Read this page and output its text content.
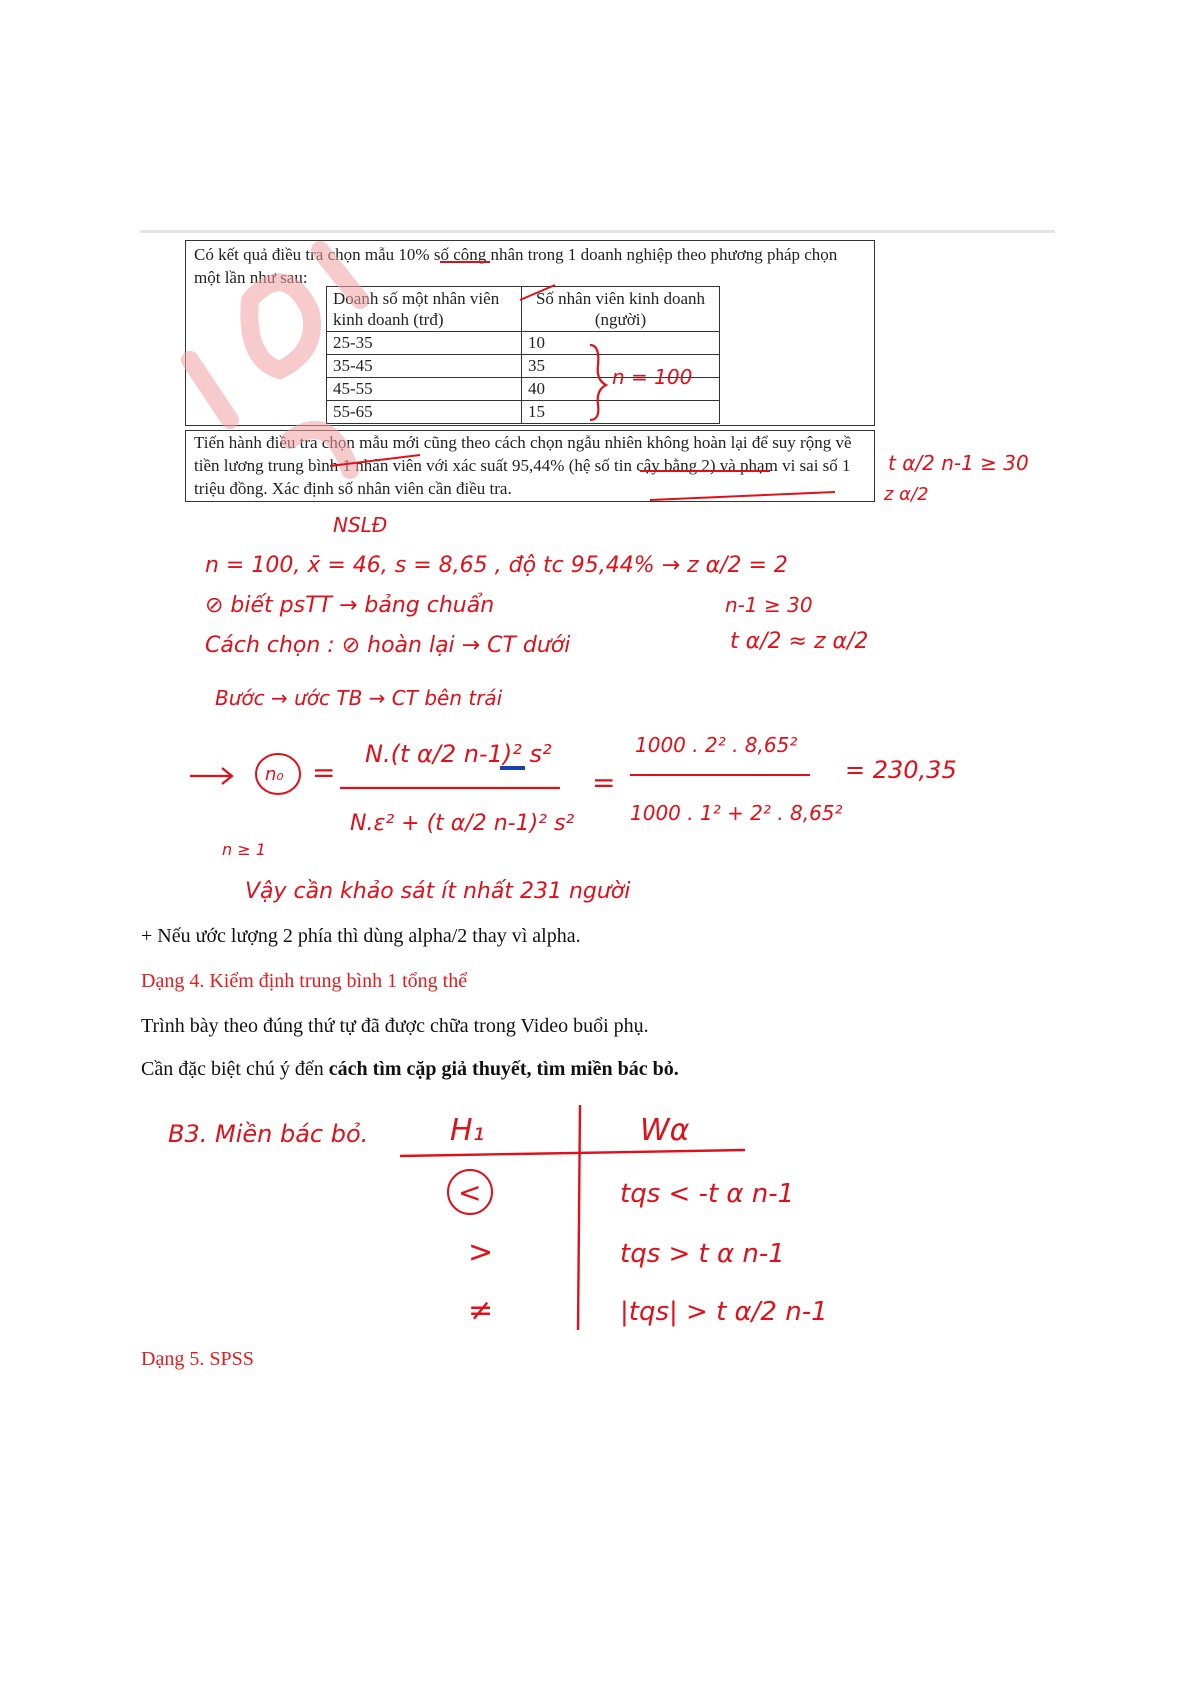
Có kết quả điều tra chọn mẫu 10% số công nhân trong 1 doanh nghiệp theo phương pháp chọn một lần như sau:
Doanh số một nhân viên kinh doanh (trđ)	Số nhân viên kinh doanh (người)
25-35	10
35-45	35
45-55	40
55-65	15
Tiến hành điều tra chọn mẫu mới cũng theo cách chọn ngẫu nhiên không hoàn lại để suy rộng về tiền lương trung bình 1 nhân viên với xác suất 95,44% (hệ số tin cậy bằng 2) và phạm vi sai số 1 triệu đồng. Xác định số nhân viên cần điều tra.
n = 100
t α/2 n-1 ≥ 30
z α/2
NSLĐ
n = 100, x̄ = 46, s = 8,65 , độ tc 95,44% → z α/2 = 2
⊘ biết psTT → bảng chuẩn
Cách chọn : ⊘ hoàn lại → CT dưới
Bước → ước TB → CT bên trái
n-1 ≥ 30
t α/2 ≈ z α/2
n₀ =
N.(t α/2 n-1)² s²
N.ε² + (t α/2 n-1)² s²
=
1000 . 2² . 8,65²
1000 . 1² + 2² . 8,65²
= 230,35
n ≥ 1
Vậy cần khảo sát ít nhất 231 người
B3. Miền bác bỏ.	H₁	Wα
<	tqs < -t α n-1
>	tqs > t α n-1
≠	|tqs| > t α/2 n-1
+ Nếu ước lượng 2 phía thì dùng alpha/2 thay vì alpha.
Dạng 4. Kiểm định trung bình 1 tổng thể
Trình bày theo đúng thứ tự đã được chữa trong Video buổi phụ.
Cần đặc biệt chú ý đến cách tìm cặp giả thuyết, tìm miền bác bỏ.
Dạng 5. SPSS
